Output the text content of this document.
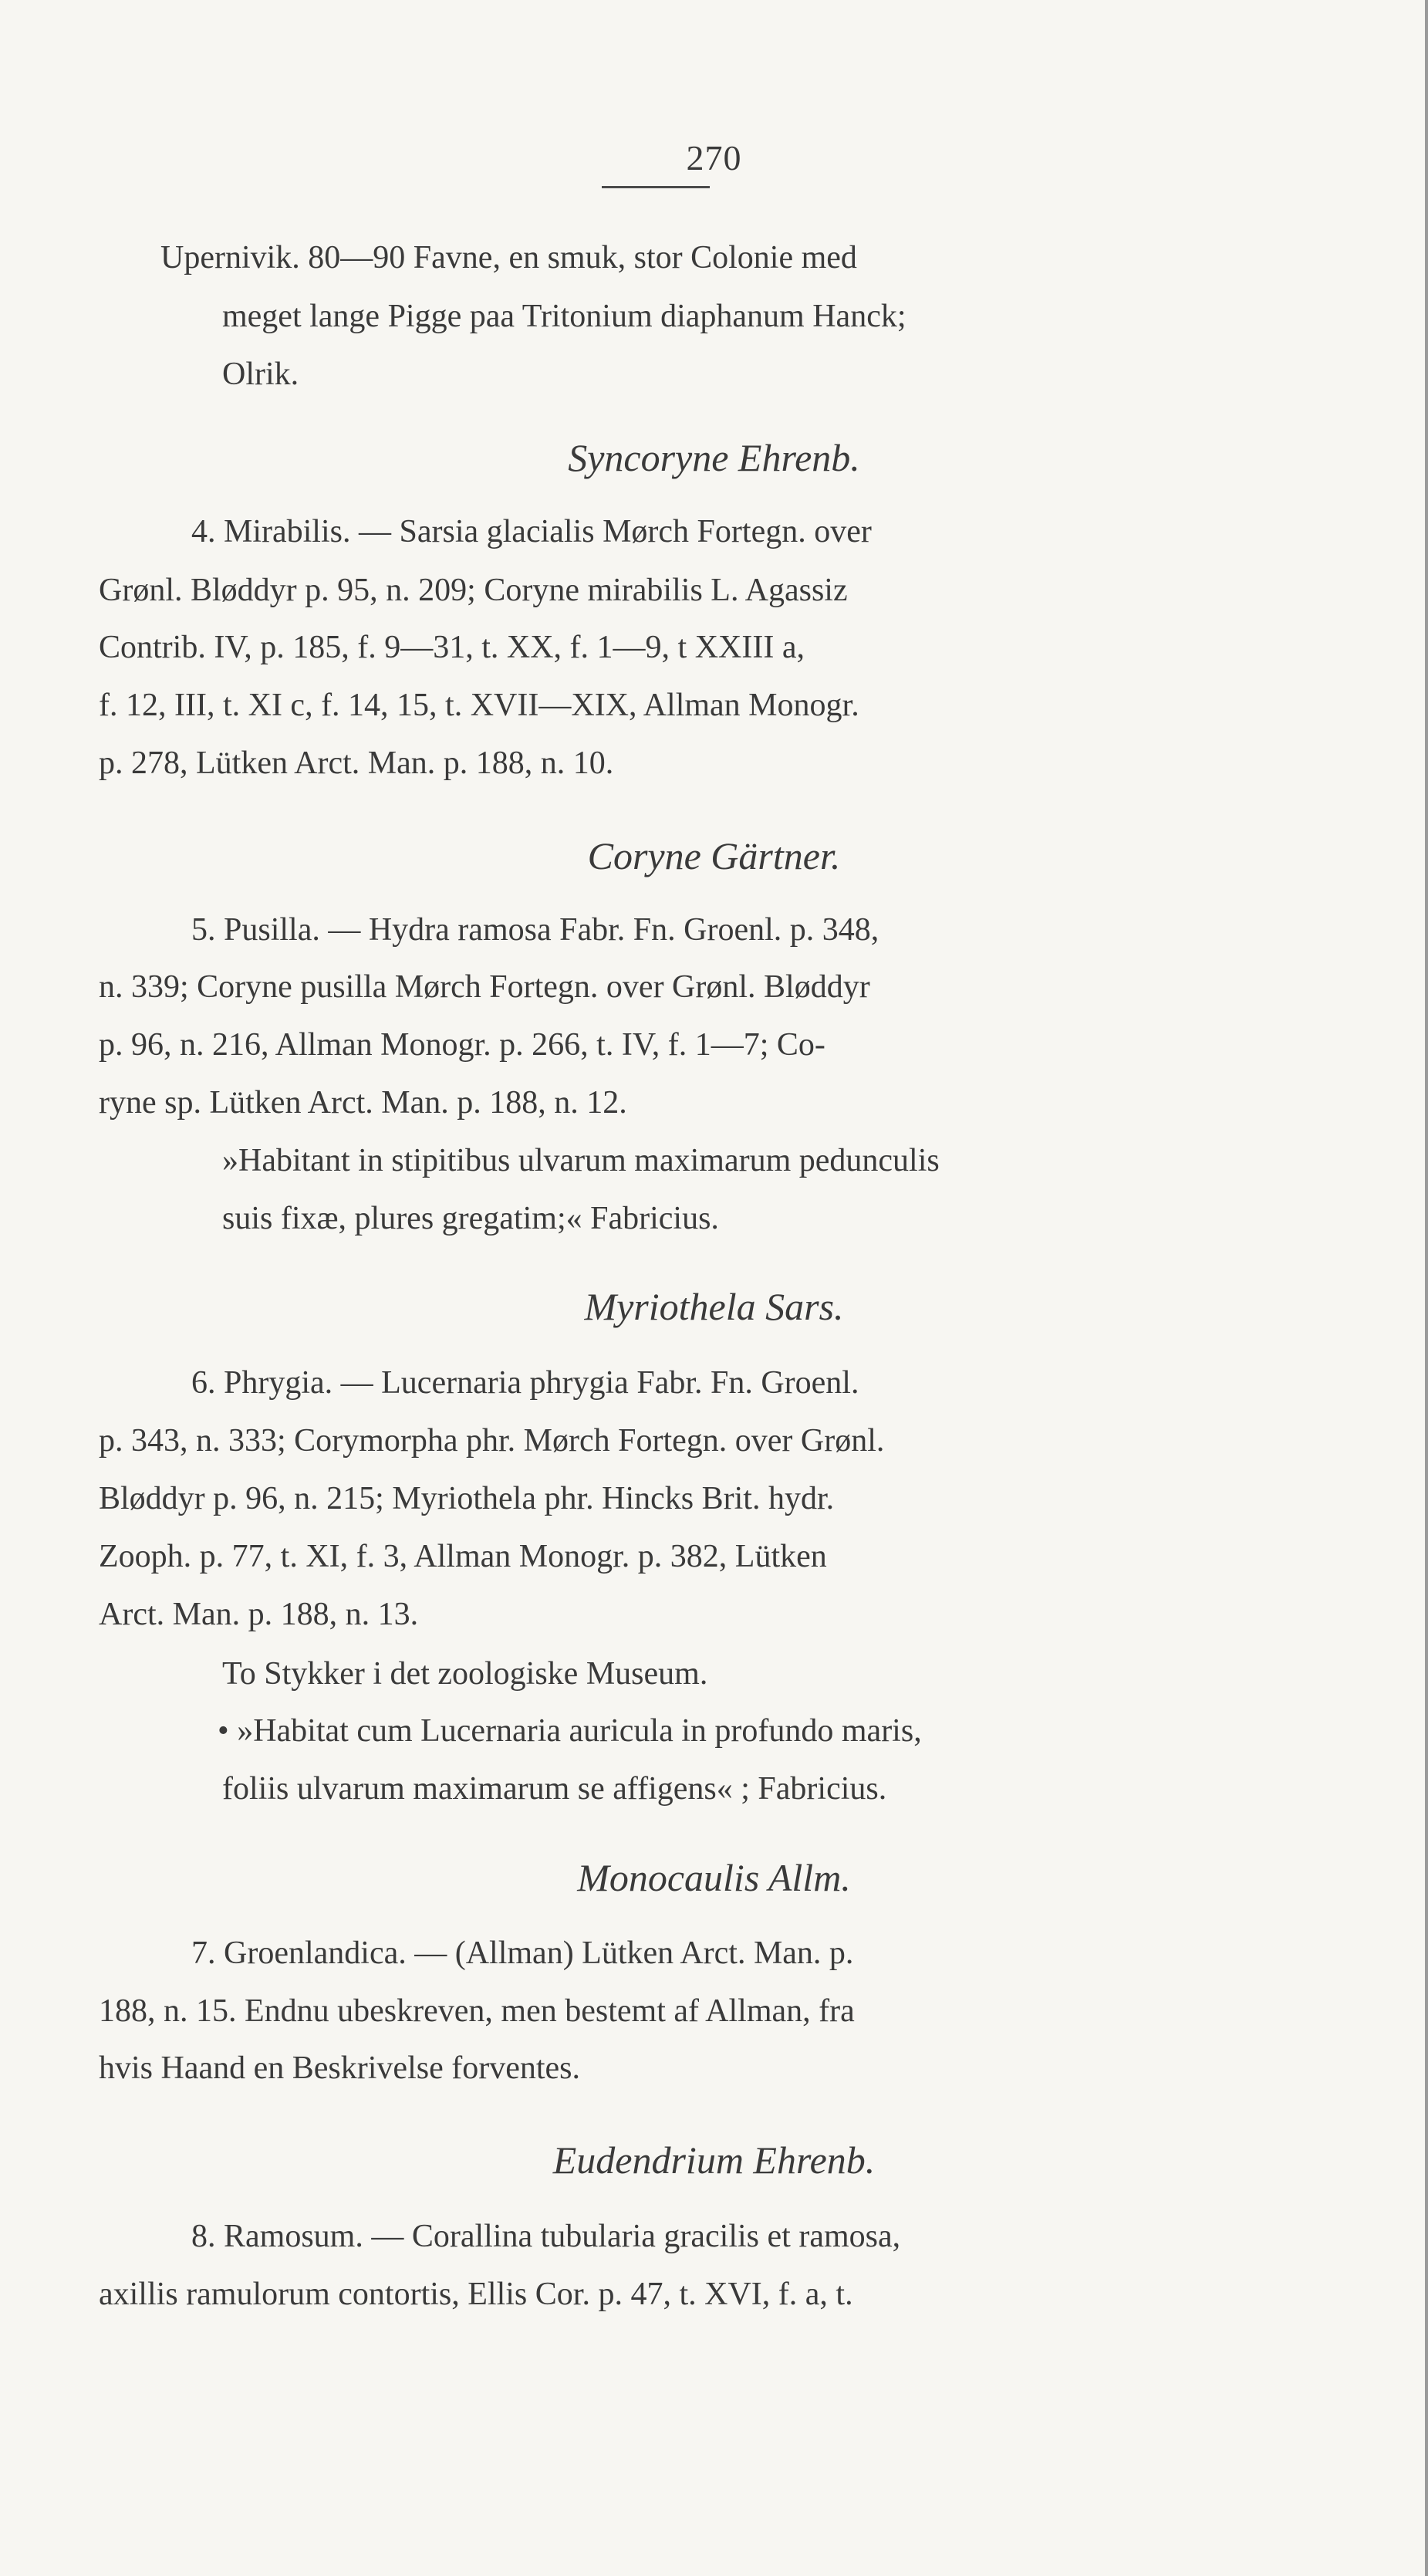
270
Upernivik. 80—90 Favne, en smuk, stor Colonie med
meget lange Pigge paa Tritonium diaphanum Hanck;
Olrik.
Syncoryne Ehrenb.
4. Mirabilis. — Sarsia glacialis Mørch Fortegn. over
Grønl. Bløddyr p. 95, n. 209; Coryne mirabilis L. Agassiz
Contrib. IV, p. 185, f. 9—31, t. XX, f. 1—9, t XXIII a,
f. 12, III, t. XI c, f. 14, 15, t. XVII—XIX, Allman Monogr.
p. 278, Lütken Arct. Man. p. 188, n. 10.
Coryne Gärtner.
5. Pusilla. — Hydra ramosa Fabr. Fn. Groenl. p. 348,
n. 339; Coryne pusilla Mørch Fortegn. over Grønl. Bløddyr
p. 96, n. 216, Allman Monogr. p. 266, t. IV, f. 1—7; Co-
ryne sp. Lütken Arct. Man. p. 188, n. 12.
»Habitant in stipitibus ulvarum maximarum pedunculis
suis fixæ, plures gregatim;« Fabricius.
Myriothela Sars.
6. Phrygia. — Lucernaria phrygia Fabr. Fn. Groenl.
p. 343, n. 333; Corymorpha phr. Mørch Fortegn. over Grønl.
Bløddyr p. 96, n. 215; Myriothela phr. Hincks Brit. hydr.
Zooph. p. 77, t. XI, f. 3, Allman Monogr. p. 382, Lütken
Arct. Man. p. 188, n. 13.
To Stykker i det zoologiske Museum.
• »Habitat cum Lucernaria auricula in profundo maris,
foliis ulvarum maximarum se affigens« ; Fabricius.
Monocaulis Allm.
7. Groenlandica. — (Allman) Lütken Arct. Man. p.
188, n. 15. Endnu ubeskreven, men bestemt af Allman, fra
hvis Haand en Beskrivelse forventes.
Eudendrium Ehrenb.
8. Ramosum. — Corallina tubularia gracilis et ramosa,
axillis ramulorum contortis, Ellis Cor. p. 47, t. XVI, f. a, t.
